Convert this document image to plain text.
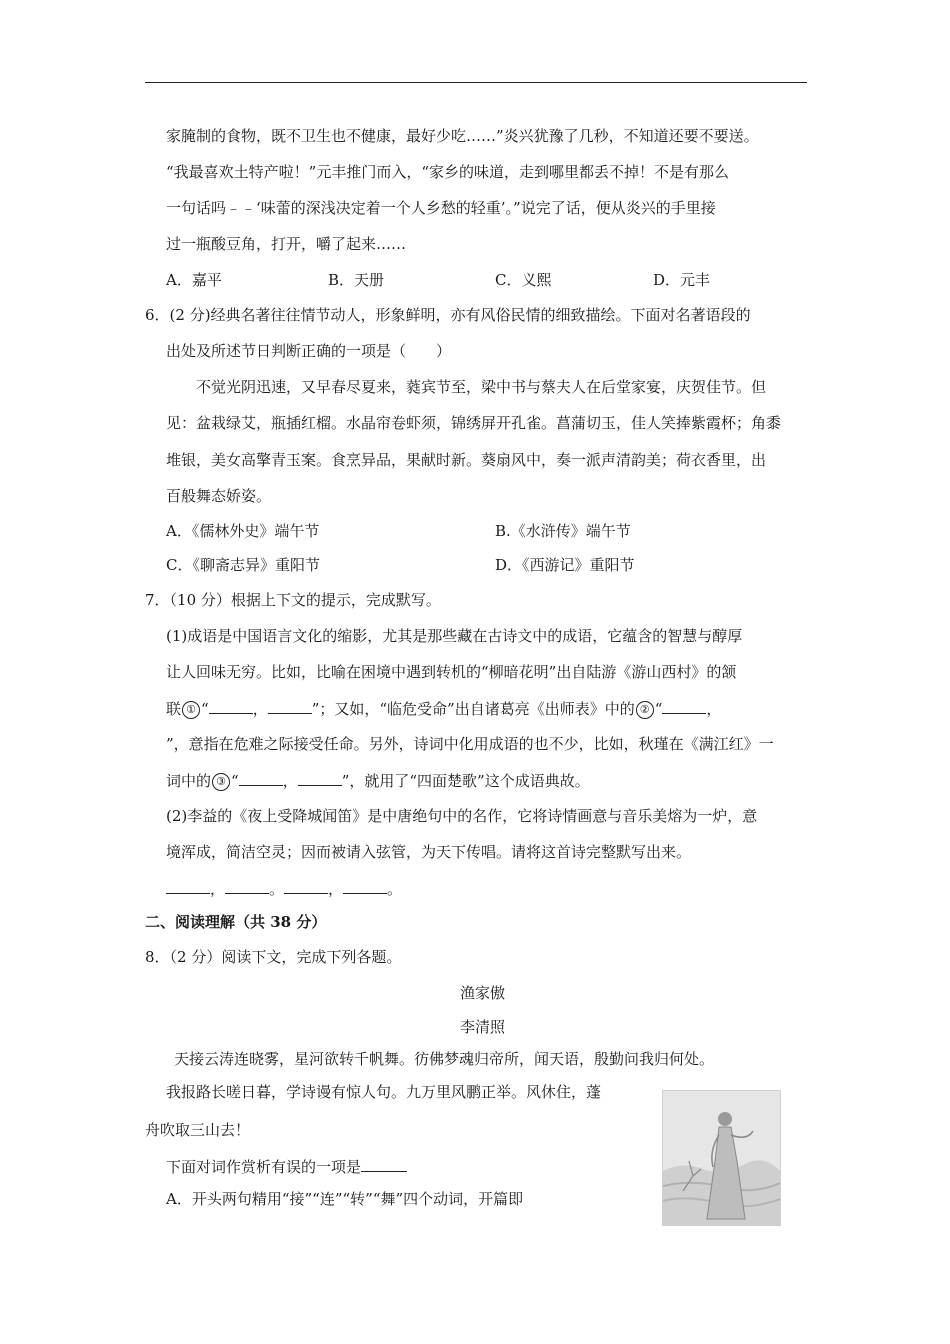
家腌制的食物，既不卫生也不健康，最好少吃……”炎兴犹豫了几秒，不知道还要不要送。
“我最喜欢土特产啦！”元丰推门而入，“家乡的味道，走到哪里都丢不掉！不是有那么
一句话吗﹣﹣‘味蕾的深浅决定着一个人乡愁的轻重’。”说完了话，便从炎兴的手里接
过一瓶酸豆角，打开，嚼了起来……
A．嘉平	B．天册	C．义熙	D．元丰
6．(2 分)经典名著往往情节动人，形象鲜明，亦有风俗民情的细致描绘。下面对名著语段的
出处及所述节日判断正确的一项是（　　）
不觉光阴迅速，又早春尽夏来，蕤宾节至，梁中书与蔡夫人在后堂家宴，庆贺佳节。但
见：盆栽绿艾，瓶插红榴。水晶帘卷虾须，锦绣屏开孔雀。菖蒲切玉，佳人笑捧紫霞杯；角黍
堆银，美女高擎青玉案。食烹异品，果献时新。葵扇风中，奏一派声清韵美；荷衣香里，出
百般舞态娇姿。
A．《儒林外史》端午节	B.《水浒传》端午节
C．《聊斋志异》重阳节	D．《西游记》重阳节
7．（10 分）根据上下文的提示，完成默写。
(1)成语是中国语言文化的缩影，尤其是那些藏在古诗文中的成语，它蕴含的智慧与醇厚
让人回味无穷。比如，比喻在困境中遇到转机的“柳暗花明”出自陆游《游山西村》的颔
联 ① “	，	”；又如，“临危受命”出自诸葛亮《出师表》中的 ② “	，
”，意指在危难之际接受任命。另外，诗词中化用成语的也不少，比如，秋瑾在《满江红》一
词中的 ③ “	，	”，就用了“四面楚歌”这个成语典故。
(2)李益的《夜上受降城闻笛》是中唐绝句中的名作，它将诗情画意与音乐美熔为一炉，意
境浑成，简洁空灵；因而被请入弦管，为天下传唱。请将这首诗完整默写出来。
，	。	，	。
二、阅读理解（共 38 分）
8．（2 分）阅读下文，完成下列各题。
渔家傲
李清照
天接云涛连晓雾，星河欲转千帆舞。彷佛梦魂归帝所，闻天语，殷勤问我归何处。
我报路长嗟日暮，学诗谩有惊人句。九万里风鹏正举。风休住，蓬
舟吹取三山去！
下面对词作赏析有误的一项是
A．开头两句精用“接”“连”“转”“舞”四个动词，开篇即
